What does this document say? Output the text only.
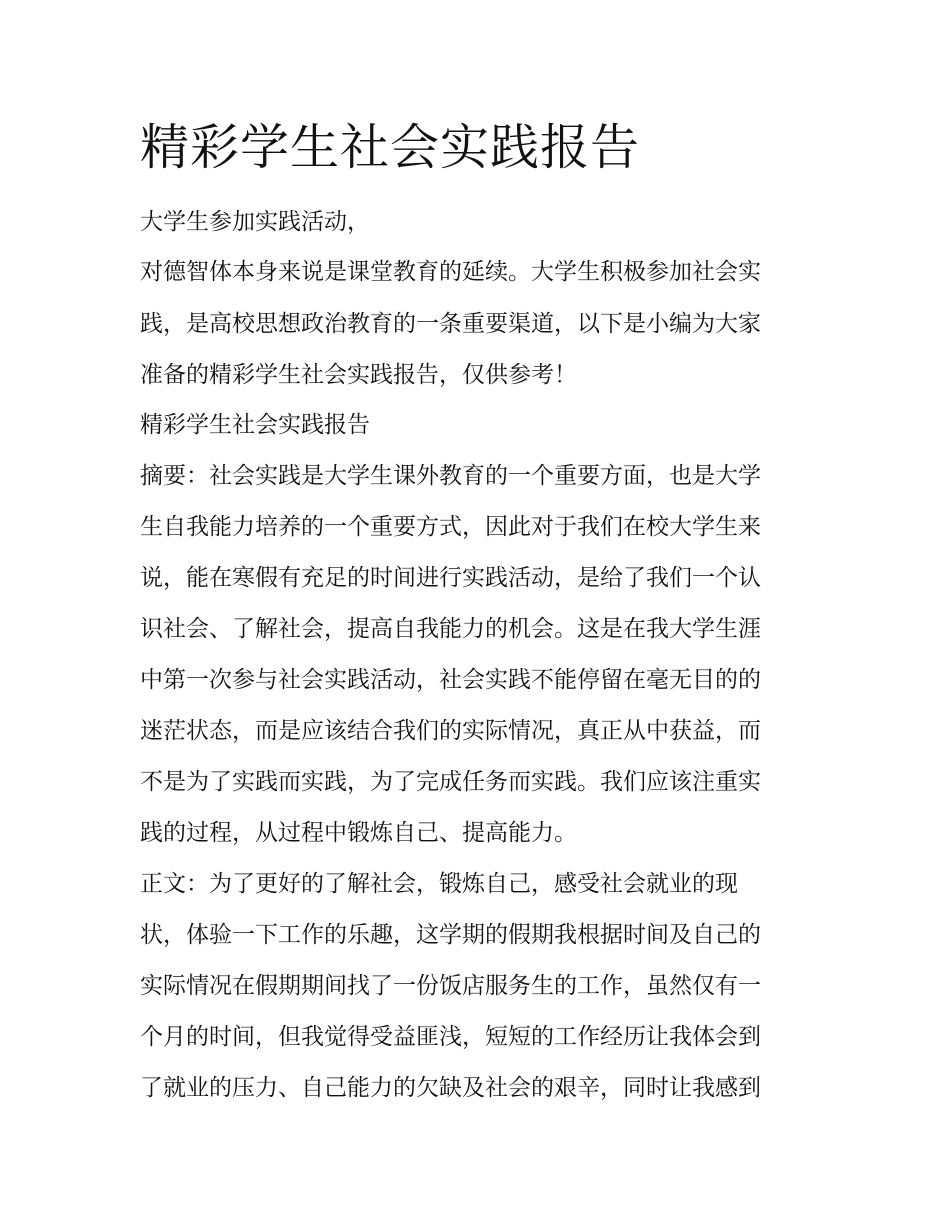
精彩学生社会实践报告

大学生参加实践活动，

对德智体本身来说是课堂教育的延续。大学生积极参加社会实

践，是高校思想政治教育的一条重要渠道，以下是小编为大家

准备的精彩学生社会实践报告，仅供参考！

精彩学生社会实践报告

摘要：社会实践是大学生课外教育的一个重要方面，也是大学

生自我能力培养的一个重要方式，因此对于我们在校大学生来

说，能在寒假有充足的时间进行实践活动，是给了我们一个认

识社会、了解社会，提高自我能力的机会。这是在我大学生涯

中第一次参与社会实践活动，社会实践不能停留在毫无目的的

迷茫状态，而是应该结合我们的实际情况，真正从中获益，而

不是为了实践而实践，为了完成任务而实践。我们应该注重实

践的过程，从过程中锻炼自己、提高能力。

正文：为了更好的了解社会，锻炼自己，感受社会就业的现

状，体验一下工作的乐趣，这学期的假期我根据时间及自己的

实际情况在假期期间找了一份饭店服务生的工作，虽然仅有一

个月的时间，但我觉得受益匪浅，短短的工作经历让我体会到

了就业的压力、自己能力的欠缺及社会的艰辛，同时让我感到
